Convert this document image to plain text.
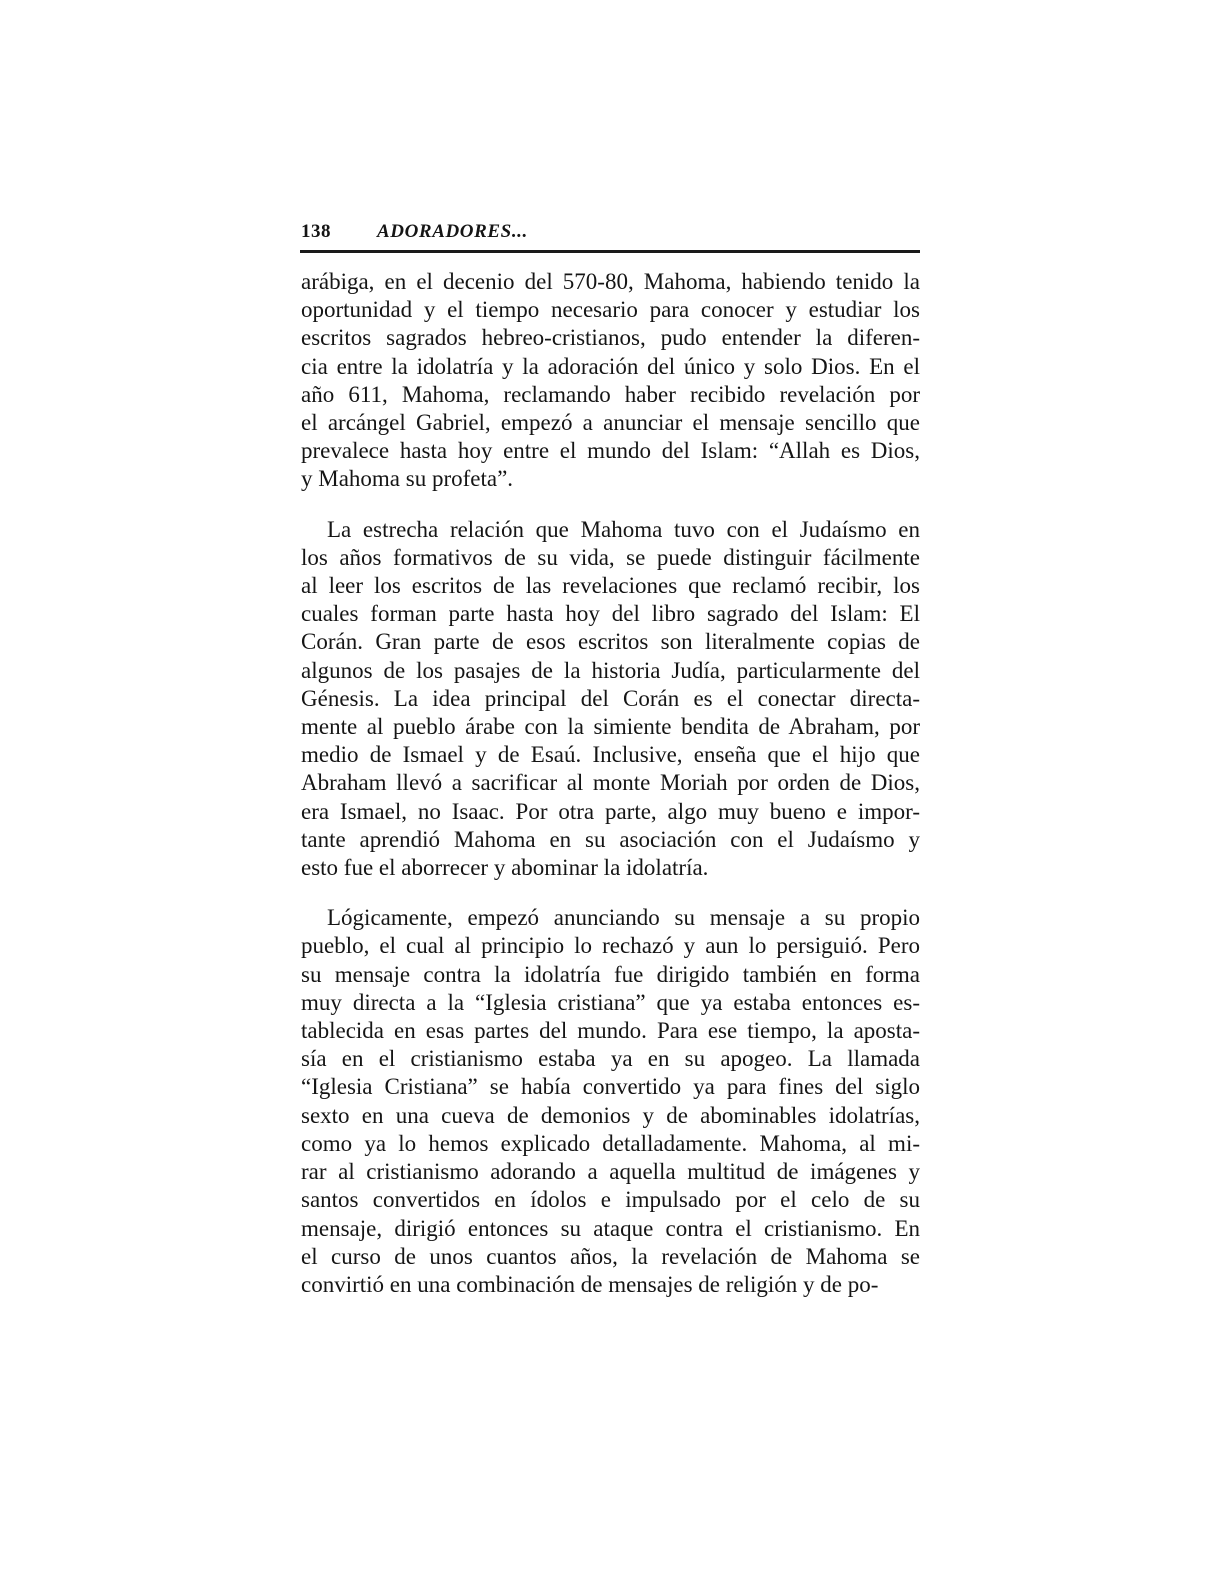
138 ADORADORES...
arábiga, en el decenio del 570-80, Mahoma, habiendo tenido la
oportunidad y el tiempo necesario para conocer y estudiar los
escritos sagrados hebreo-cristianos, pudo entender la diferen-
cia entre la idolatría y la adoración del único y solo Dios. En el
año 611, Mahoma, reclamando haber recibido revelación por
el arcángel Gabriel, empezó a anunciar el mensaje sencillo que
prevalece hasta hoy entre el mundo del Islam: “Allah es Dios,
y Mahoma su profeta”.
La estrecha relación que Mahoma tuvo con el Judaísmo en
los años formativos de su vida, se puede distinguir fácilmente
al leer los escritos de las revelaciones que reclamó recibir, los
cuales forman parte hasta hoy del libro sagrado del Islam: El
Corán. Gran parte de esos escritos son literalmente copias de
algunos de los pasajes de la historia Judía, particularmente del
Génesis. La idea principal del Corán es el conectar directa-
mente al pueblo árabe con la simiente bendita de Abraham, por
medio de Ismael y de Esaú. Inclusive, enseña que el hijo que
Abraham llevó a sacrificar al monte Moriah por orden de Dios,
era Ismael, no Isaac. Por otra parte, algo muy bueno e impor-
tante aprendió Mahoma en su asociación con el Judaísmo y
esto fue el aborrecer y abominar la idolatría.
Lógicamente, empezó anunciando su mensaje a su propio
pueblo, el cual al principio lo rechazó y aun lo persiguió. Pero
su mensaje contra la idolatría fue dirigido también en forma
muy directa a la “Iglesia cristiana” que ya estaba entonces es-
tablecida en esas partes del mundo. Para ese tiempo, la aposta-
sía en el cristianismo estaba ya en su apogeo. La llamada
“Iglesia Cristiana” se había convertido ya para fines del siglo
sexto en una cueva de demonios y de abominables idolatrías,
como ya lo hemos explicado detalladamente. Mahoma, al mi-
rar al cristianismo adorando a aquella multitud de imágenes y
santos convertidos en ídolos e impulsado por el celo de su
mensaje, dirigió entonces su ataque contra el cristianismo. En
el curso de unos cuantos años, la revelación de Mahoma se
convirtió en una combinación de mensajes de religión y de po-
